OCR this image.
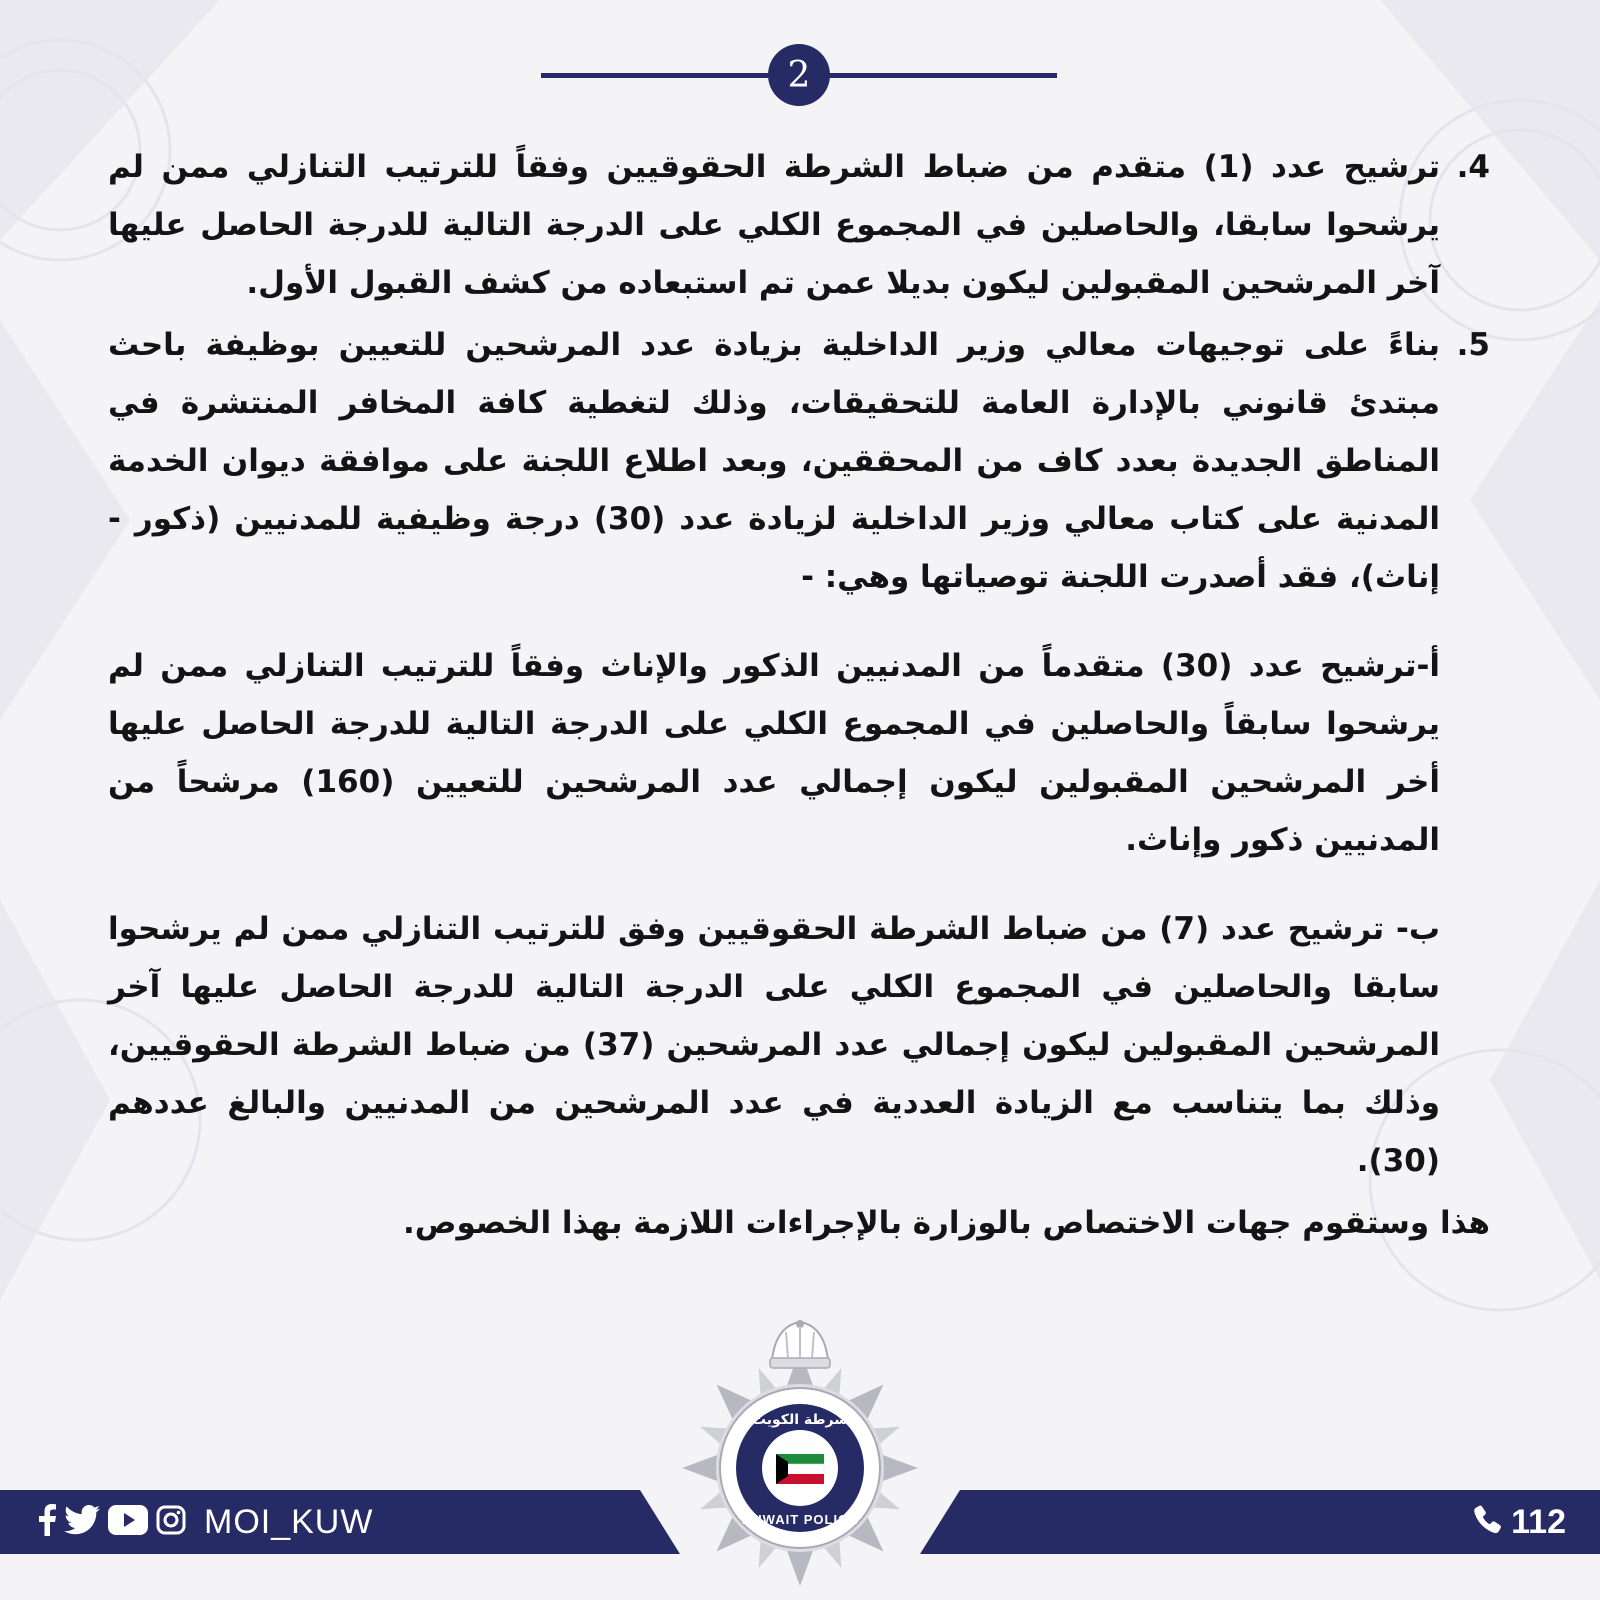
2
4.

ترشيح عدد (1) متقدم من ضباط الشرطة الحقوقيين وفقاً للترتيب التنازلي ممن لم يرشحوا سابقا، والحاصلين في المجموع الكلي على الدرجة التالية للدرجة الحاصل عليها آخر المرشحين المقبولين ليكون بديلا عمن تم استبعاده من كشف القبول الأول.

5.

بناءً على توجيهات معالي وزير الداخلية بزيادة عدد المرشحين للتعيين بوظيفة باحث مبتدئ قانوني بالإدارة العامة للتحقيقات، وذلك لتغطية كافة المخافر المنتشرة في المناطق الجديدة بعدد كاف من المحققين، وبعد اطلاع اللجنة على موافقة ديوان الخدمة المدنية على كتاب معالي وزير الداخلية لزيادة عدد (30) درجة وظيفية للمدنيين (ذكور - إناث)، فقد أصدرت اللجنة توصياتها وهي: -

أ-ترشيح عدد (30) متقدماً من المدنيين الذكور والإناث وفقاً للترتيب التنازلي ممن لم يرشحوا سابقاً والحاصلين في المجموع الكلي على الدرجة التالية للدرجة الحاصل عليها أخر المرشحين المقبولين ليكون إجمالي عدد المرشحين للتعيين (160) مرشحاً من المدنيين ذكور وإناث.

ب- ترشيح عدد (7) من ضباط الشرطة الحقوقيين وفق للترتيب التنازلي ممن لم يرشحوا سابقا والحاصلين في المجموع الكلي على الدرجة التالية للدرجة الحاصل عليها آخر المرشحين المقبولين ليكون إجمالي عدد المرشحين (37) من ضباط الشرطة الحقوقيين، وذلك بما يتناسب مع الزيادة العددية في عدد المرشحين من المدنيين والبالغ عددهم (30).

هذا وستقوم جهات الاختصاص بالوزارة بالإجراءات اللازمة بهذا الخصوص.

MOI_KUW	112
شرطة الكويت
KUWAIT POLICE
